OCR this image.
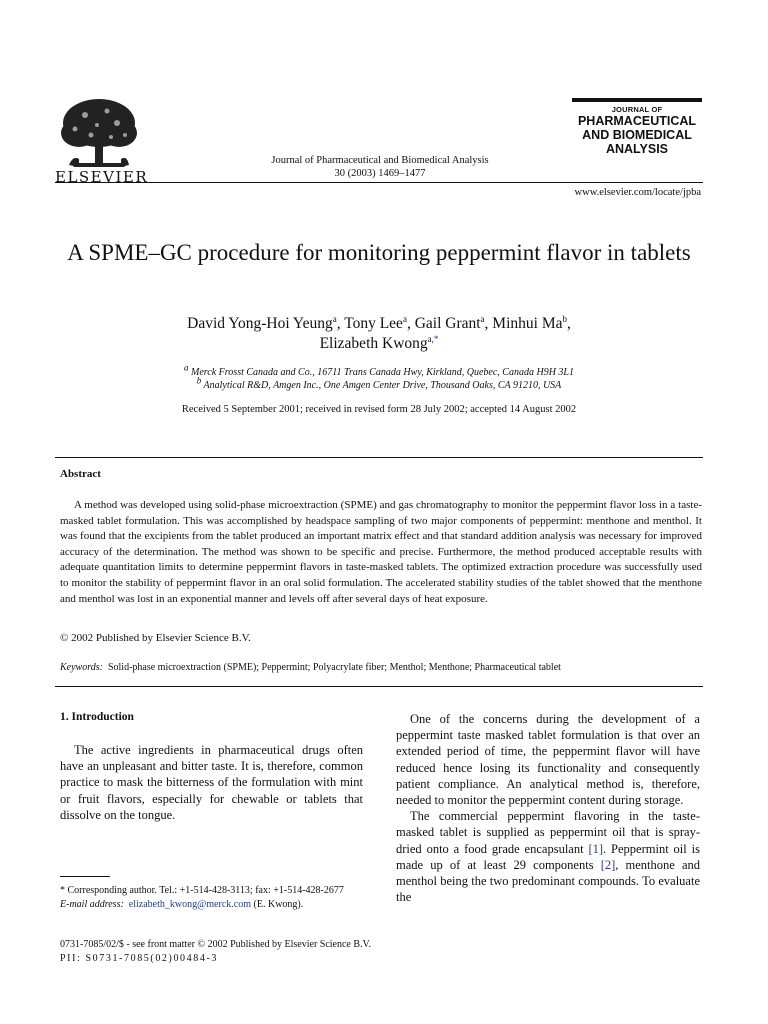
ELSEVIER
Journal of Pharmaceutical and Biomedical Analysis
30 (2003) 1469–1477
JOURNAL OF
PHARMACEUTICAL
AND BIOMEDICAL
ANALYSIS
www.elsevier.com/locate/jpba
A SPME–GC procedure for monitoring peppermint flavor in tablets
David Yong-Hoi Yeung$^a$, Tony Lee$^a$, Gail Grant$^a$, Minhui Ma$^b$,
Elizabeth Kwong$^{a,*}$
$^a$ Merck Frosst Canada and Co., 16711 Trans Canada Hwy, Kirkland, Quebec, Canada H9H 3L1
$^b$ Analytical R&D, Amgen Inc., One Amgen Center Drive, Thousand Oaks, CA 91210, USA
Received 5 September 2001; received in revised form 28 July 2002; accepted 14 August 2002
Abstract
A method was developed using solid-phase microextraction (SPME) and gas chromatography to monitor the peppermint flavor loss in a taste-masked tablet formulation. This was accomplished by headspace sampling of two major components of peppermint: menthone and menthol. It was found that the excipients from the tablet produced an important matrix effect and that standard addition analysis was necessary for improved accuracy of the determination. The method was shown to be specific and precise. Furthermore, the method produced acceptable results with adequate quantitation limits to determine peppermint flavors in taste-masked tablets. The optimized extraction procedure was successfully used to monitor the stability of peppermint flavor in an oral solid formulation. The accelerated stability studies of the tablet showed that the menthone and menthol was lost in an exponential manner and levels off after several days of heat exposure.
© 2002 Published by Elsevier Science B.V.
Keywords: Solid-phase microextraction (SPME); Peppermint; Polyacrylate fiber; Menthol; Menthone; Pharmaceutical tablet
1. Introduction

The active ingredients in pharmaceutical drugs often have an unpleasant and bitter taste. It is, therefore, common practice to mask the bitterness of the formulation with mint or fruit flavors, especially for chewable or tablets that dissolve on the tongue.

* Corresponding author. Tel.: +1-514-428-3113; fax: +1-514-428-2677
E-mail address: elizabeth_kwong@merck.com (E. Kwong).
0731-7085/02/$ - see front matter © 2002 Published by Elsevier Science B.V.
PII: S0731-7085(02)00484-3

One of the concerns during the development of a peppermint taste masked tablet formulation is that over an extended period of time, the peppermint flavor will have reduced hence losing its functionality and consequently patient compliance. An analytical method is, therefore, needed to monitor the peppermint content during storage.

The commercial peppermint flavoring in the taste-masked tablet is supplied as peppermint oil that is spray-dried onto a food grade encapsulant [1]. Peppermint oil is made up of at least 29 components [2], menthone and menthol being the two predominant compounds. To evaluate the
